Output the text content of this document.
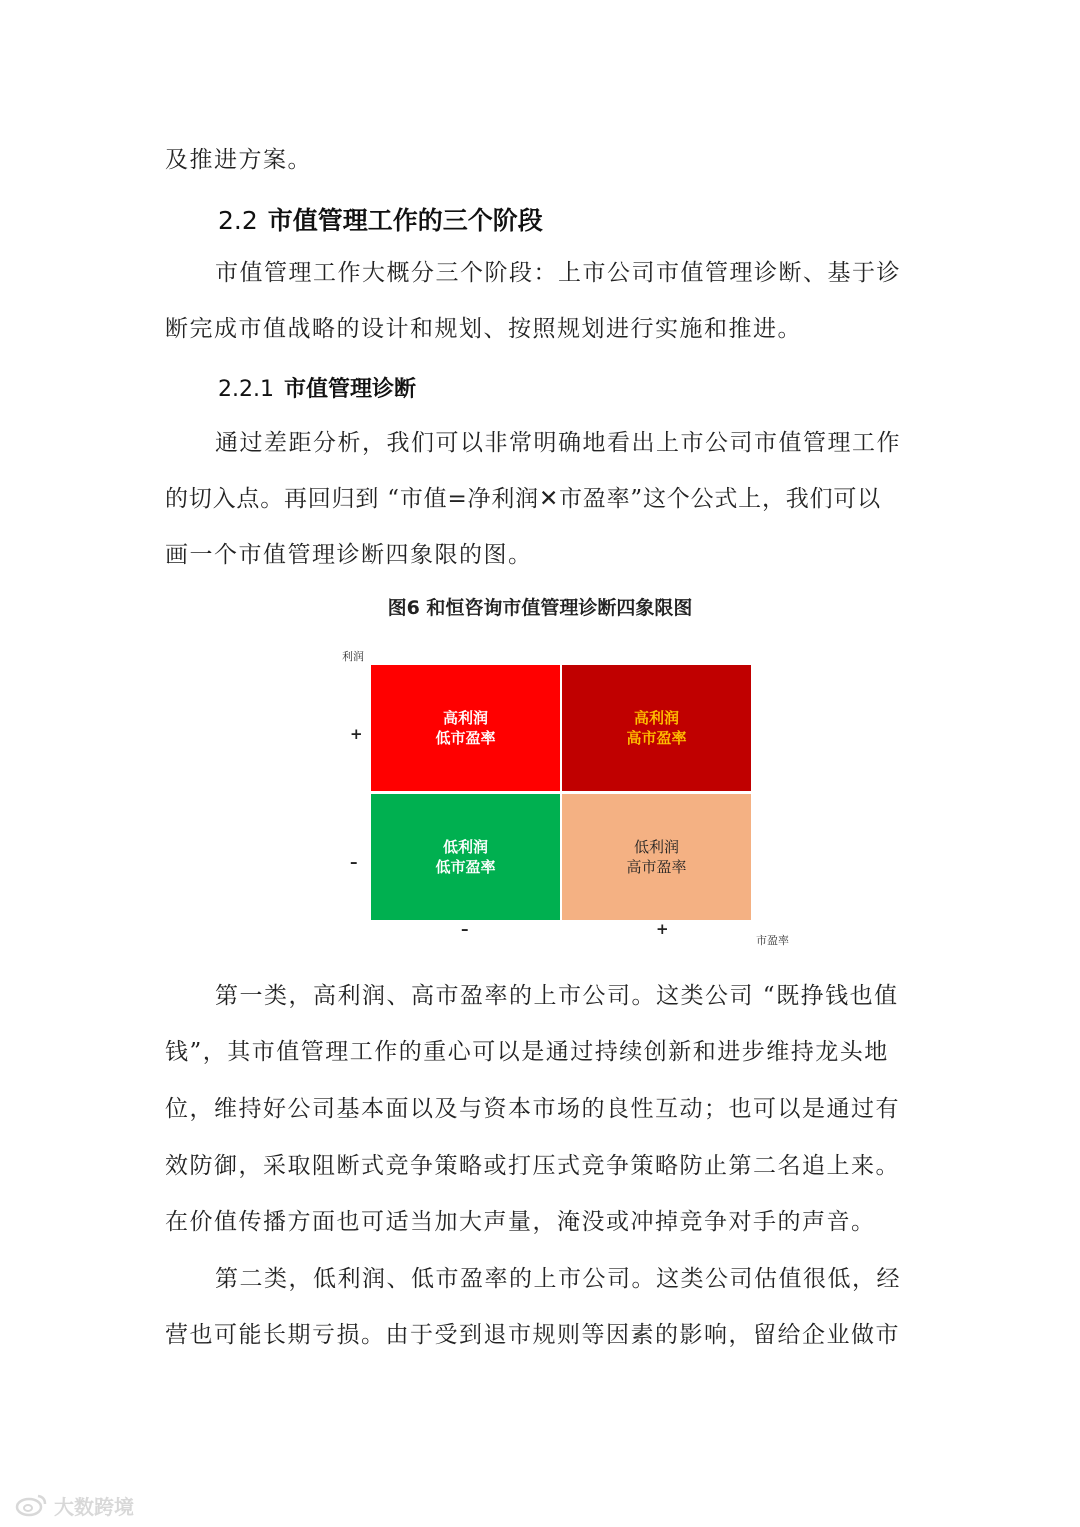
及推进方案。
2.2 市值管理工作的三个阶段
市值管理工作大概分三个阶段：上市公司市值管理诊断、基于诊
断完成市值战略的设计和规划、按照规划进行实施和推进。
2.2.1 市值管理诊断
通过差距分析，我们可以非常明确地看出上市公司市值管理工作
的切入点。再回归到 “市值=净利润✕市盈率”这个公式上，我们可以
画一个市值管理诊断四象限的图。
图6 和恒咨询市值管理诊断四象限图
利润
市盈率
+
–
–	+
高利润
低市盈率
高利润
高市盈率
低利润
低市盈率
低利润
高市盈率
第一类，高利润、高市盈率的上市公司。这类公司 “既挣钱也值
钱”，其市值管理工作的重心可以是通过持续创新和进步维持龙头地
位，维持好公司基本面以及与资本市场的良性互动；也可以是通过有
效防御，采取阻断式竞争策略或打压式竞争策略防止第二名追上来。
在价值传播方面也可适当加大声量，淹没或冲掉竞争对手的声音。
第二类，低利润、低市盈率的上市公司。这类公司估值很低，经
营也可能长期亏损。由于受到退市规则等因素的影响，留给企业做市
大数跨境
